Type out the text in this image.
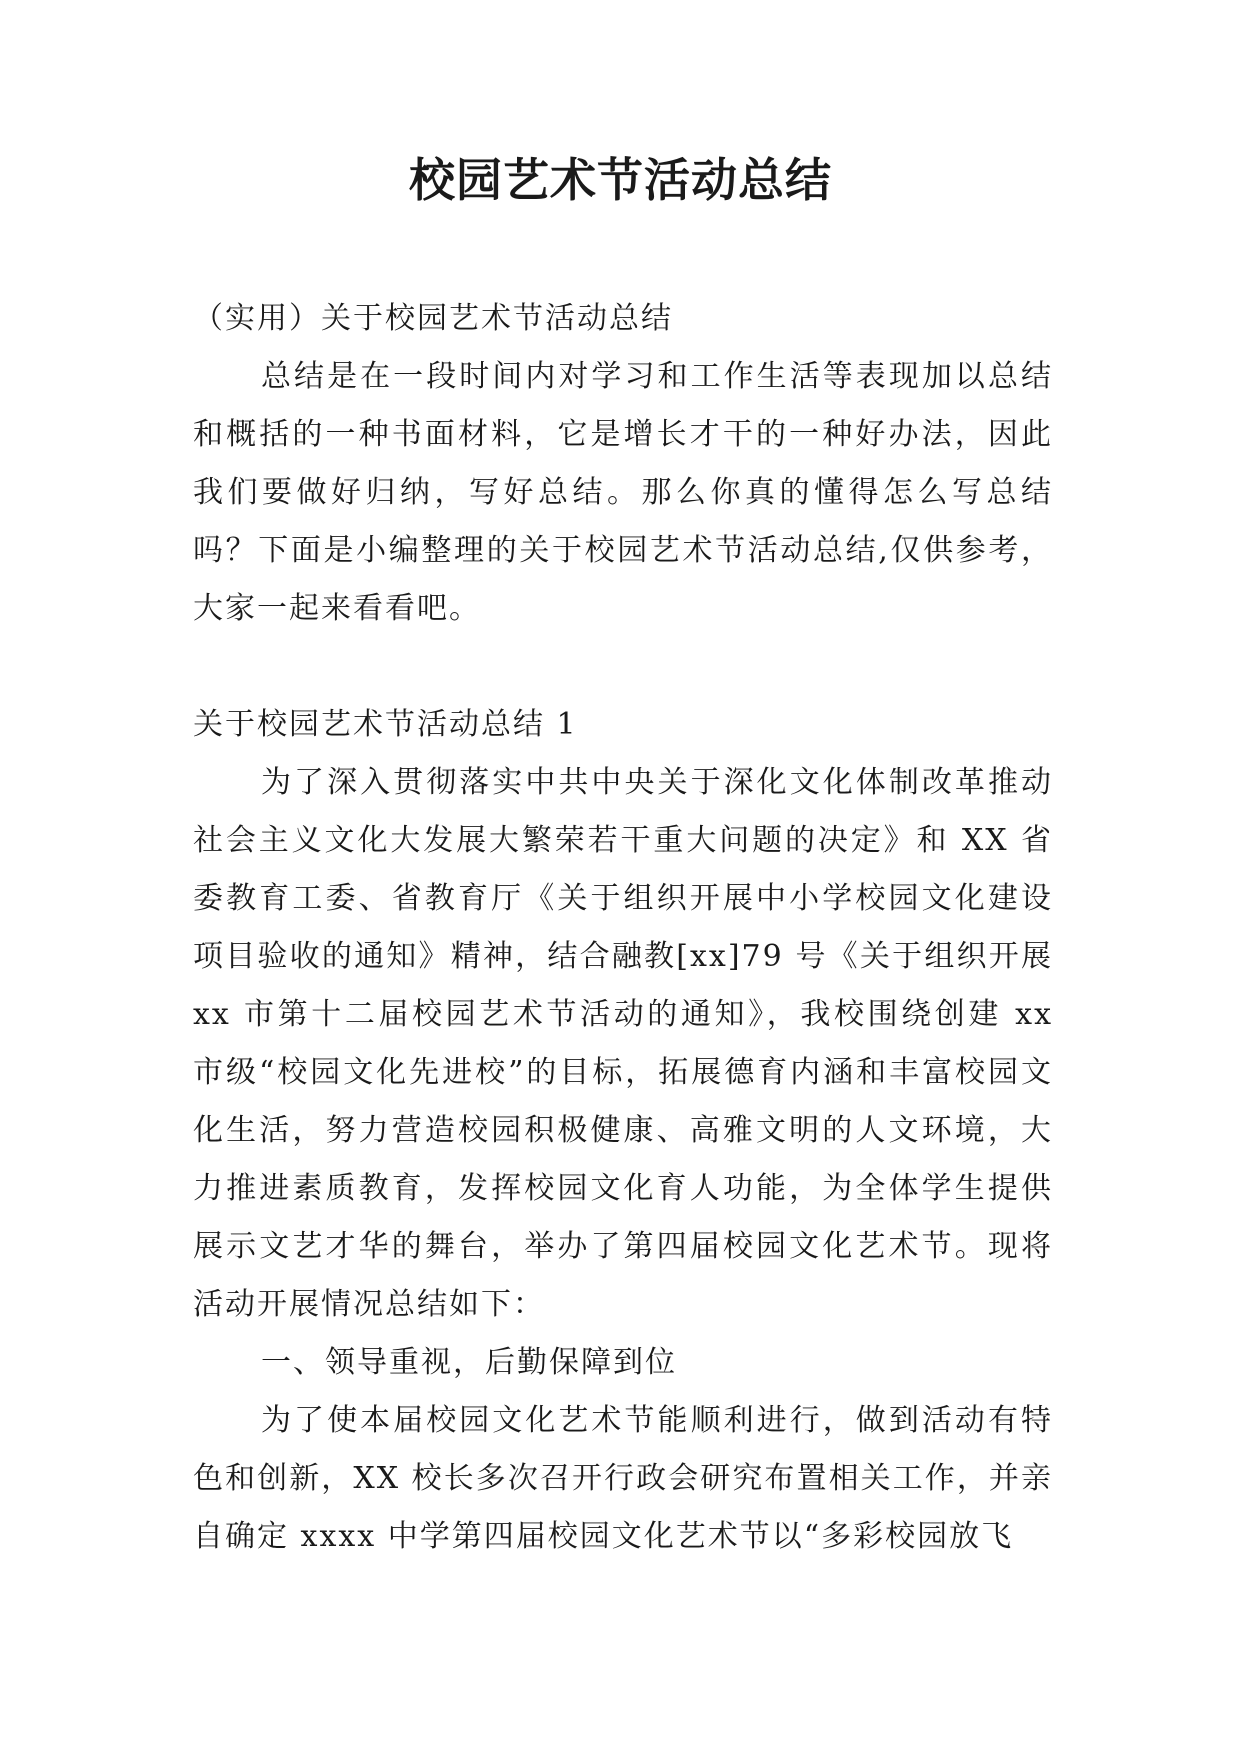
校园艺术节活动总结

（实用）关于校园艺术节活动总结

总结是在一段时间内对学习和工作生活等表现加以总结和概括的一种书面材料，它是增长才干的一种好办法，因此我们要做好归纳，写好总结。那么你真的懂得怎么写总结吗？下面是小编整理的关于校园艺术节活动总结,仅供参考，大家一起来看看吧。

关于校园艺术节活动总结 1

为了深入贯彻落实中共中央关于深化文化体制改革推动社会主义文化大发展大繁荣若干重大问题的决定》和 XX 省委教育工委、省教育厅《关于组织开展中小学校园文化建设项目验收的通知》精神，结合融教[xx]79 号《关于组织开展 xx 市第十二届校园艺术节活动的通知》，我校围绕创建 xx 市级“校园文化先进校”的目标，拓展德育内涵和丰富校园文化生活，努力营造校园积极健康、高雅文明的人文环境，大力推进素质教育，发挥校园文化育人功能，为全体学生提供展示文艺才华的舞台，举办了第四届校园文化艺术节。现将活动开展情况总结如下：

一、领导重视，后勤保障到位

为了使本届校园文化艺术节能顺利进行，做到活动有特色和创新，XX 校长多次召开行政会研究布置相关工作，并亲自确定 xxxx 中学第四届校园文化艺术节以“多彩校园放飞
